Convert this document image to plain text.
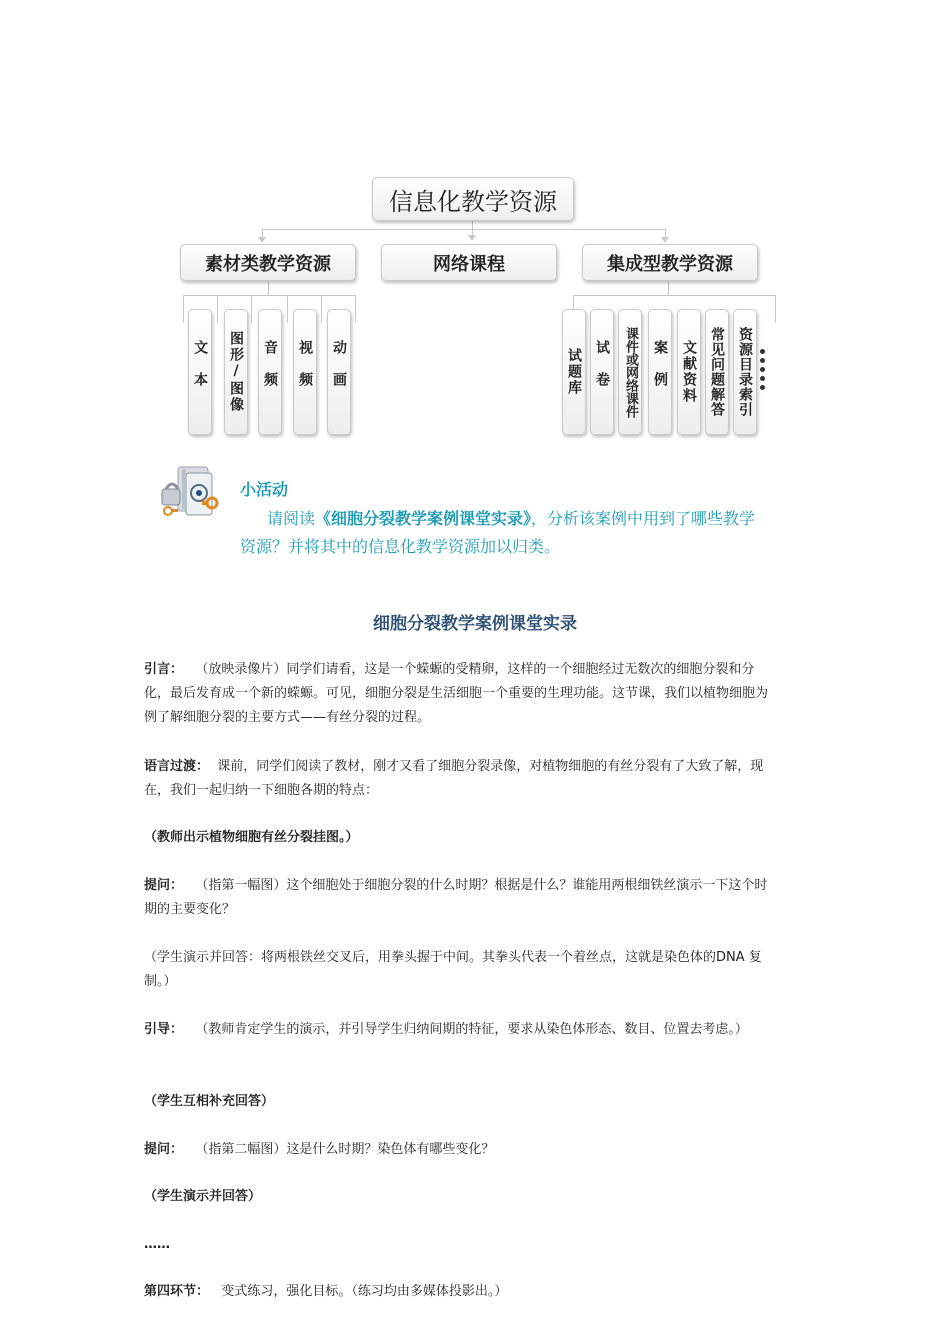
信息化教学资源
素材类教学资源	网络课程	集成型教学资源
文本 图形/图像 音频 视频 动画	试题库 试卷	课件或网络课件 案例 文献资料 常见问题解答 资源目录索引
小活动
请阅读《细胞分裂教学案例课堂实录》，分析该案例中用到了哪些教学资源？并将其中的信息化教学资源加以归类。
细胞分裂教学案例课堂实录
引言： （放映录像片）同学们请看，这是一个蝾螈的受精卵，这样的一个细胞经过无数次的细胞分裂和分化，最后发育成一个新的蝾螈。可见，细胞分裂是生活细胞一个重要的生理功能。这节课，我们以植物细胞为例了解细胞分裂的主要方式——有丝分裂的过程。
语言过渡： 课前，同学们阅读了教材，刚才又看了细胞分裂录像，对植物细胞的有丝分裂有了大致了解，现在，我们一起归纳一下细胞各期的特点：
（教师出示植物细胞有丝分裂挂图。）
提问： （指第一幅图）这个细胞处于细胞分裂的什么时期？根据是什么？谁能用两根细铁丝演示一下这个时期的主要变化？
（学生演示并回答：将两根铁丝交叉后，用拳头握于中间。其拳头代表一个着丝点，这就是染色体的DNA 复制。）
引导： （教师肯定学生的演示，并引导学生归纳间期的特征，要求从染色体形态、数目、位置去考虑。）
（学生互相补充回答）
提问： （指第二幅图）这是什么时期？染色体有哪些变化？
（学生演示并回答）
……
第四环节： 变式练习，强化目标。（练习均由多媒体投影出。）
